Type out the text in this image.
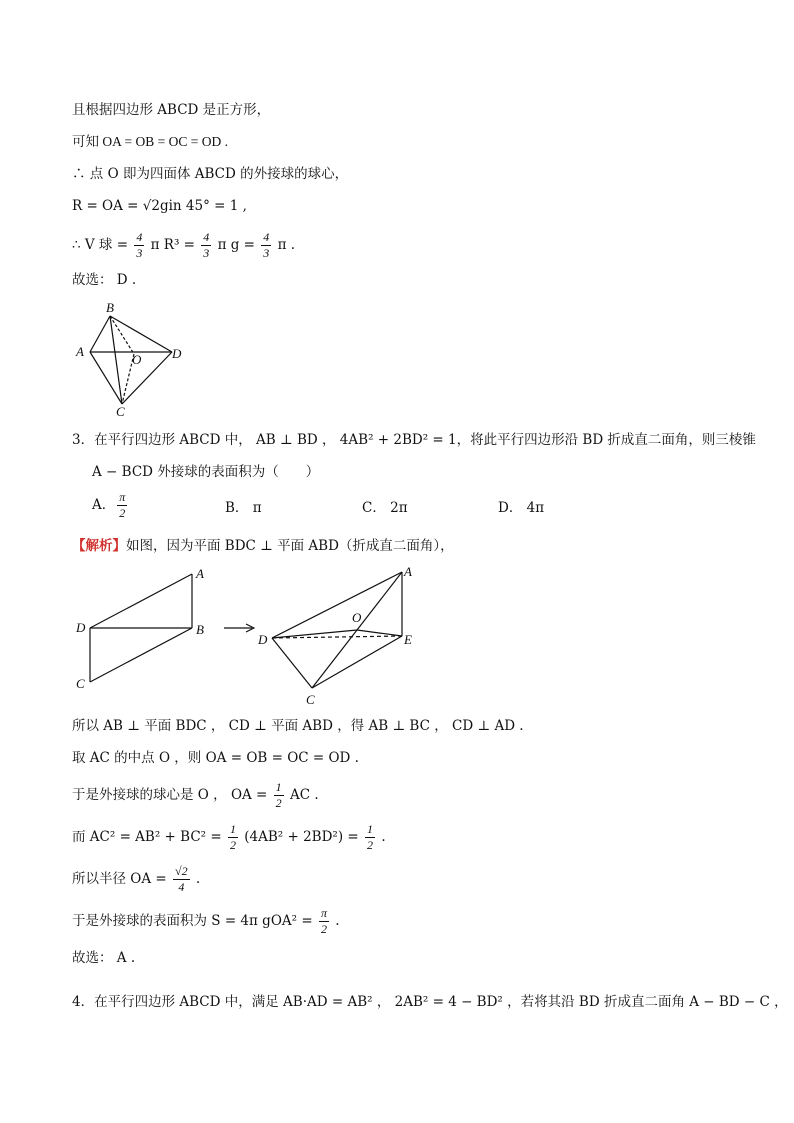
且根据四边形 ABCD 是正方形，
可知 OA = OB = OC = OD .
∴ 点 O 即为四面体 ABCD 的外接球的球心，
R = OA = √2gin 45° = 1 ,
∴ V 球 = $\frac{4}{3}$ π $R^3 = \frac{4}{3}$ π $g = \frac{4}{3}$ π .
故选： D .
B
A
O D
C
3．在平行四边形 ABCD 中， AB ⊥ BD ， 4AB² + 2BD² = 1，将此平行四边形沿 BD 折成直二面角，则三棱锥
A − BCD 外接球的表面积为（　　）
A． $\frac{\pi}{2}$	B． π	C． 2π	D． 4π
【解析】如图，因为平面 BDC ⊥ 平面 ABD（折成直二面角），
A
D	B
C
A
O
D	E
C
所以 AB ⊥ 平面 BDC ， CD ⊥ 平面 ABD ，得 AB ⊥ BC ， CD ⊥ AD .
取 AC 的中点 O ，则 OA = OB = OC = OD .
于是外接球的球心是 O ， OA = $\frac{1}{2}$ AC .
而 $AC^2 = AB^2 + BC^2 = \frac{1}{2} (4AB^2 + 2BD^2) = \frac{1}{2}$ .
所以半径 OA = $\frac{√2}{4}$ .
于是外接球的表面积为 S = 4π $gOA^2 = \frac{\pi}{2}$ .
故选： A .
4．在平行四边形 ABCD 中，满足 AB·AD = AB² ， 2AB² = 4 − BD² ，若将其沿 BD 折成直二面角 A − BD − C ，
